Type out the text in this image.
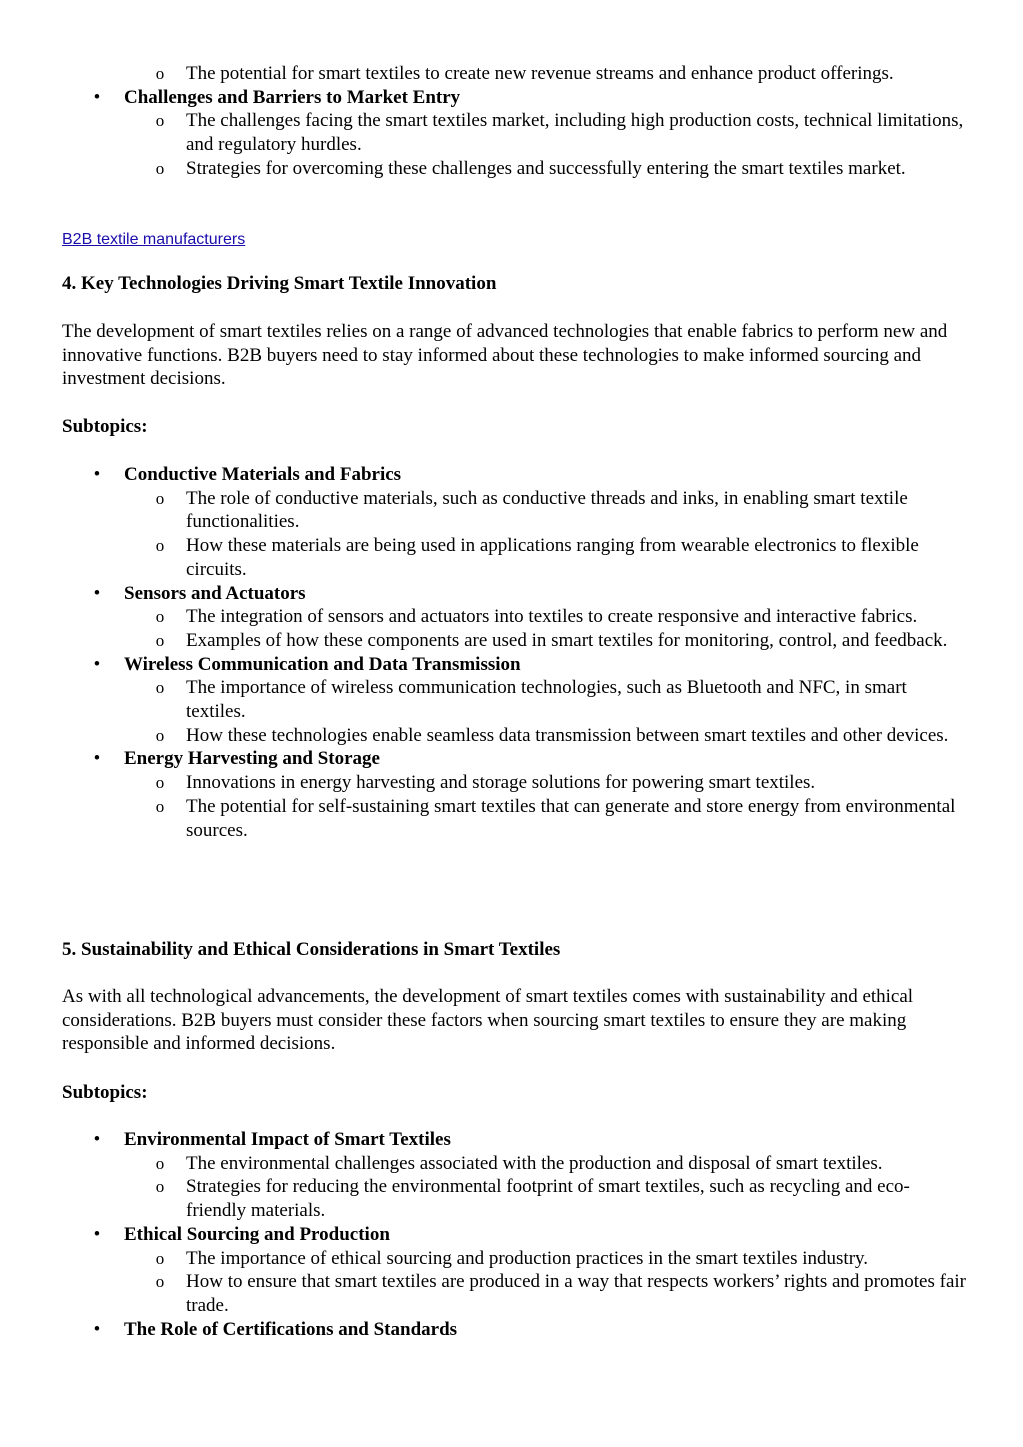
o The potential for smart textiles to create new revenue streams and enhance product offerings.
• Challenges and Barriers to Market Entry
o The challenges facing the smart textiles market, including high production costs, technical limitations, and regulatory hurdles.
o Strategies for overcoming these challenges and successfully entering the smart textiles market.
B2B textile manufacturers
4. Key Technologies Driving Smart Textile Innovation
The development of smart textiles relies on a range of advanced technologies that enable fabrics to perform new and innovative functions. B2B buyers need to stay informed about these technologies to make informed sourcing and investment decisions.
Subtopics:
• Conductive Materials and Fabrics
o The role of conductive materials, such as conductive threads and inks, in enabling smart textile functionalities.
o How these materials are being used in applications ranging from wearable electronics to flexible circuits.
• Sensors and Actuators
o The integration of sensors and actuators into textiles to create responsive and interactive fabrics.
o Examples of how these components are used in smart textiles for monitoring, control, and feedback.
• Wireless Communication and Data Transmission
o The importance of wireless communication technologies, such as Bluetooth and NFC, in smart textiles.
o How these technologies enable seamless data transmission between smart textiles and other devices.
• Energy Harvesting and Storage
o Innovations in energy harvesting and storage solutions for powering smart textiles.
o The potential for self-sustaining smart textiles that can generate and store energy from environmental sources.
5. Sustainability and Ethical Considerations in Smart Textiles
As with all technological advancements, the development of smart textiles comes with sustainability and ethical considerations. B2B buyers must consider these factors when sourcing smart textiles to ensure they are making responsible and informed decisions.
Subtopics:
• Environmental Impact of Smart Textiles
o The environmental challenges associated with the production and disposal of smart textiles.
o Strategies for reducing the environmental footprint of smart textiles, such as recycling and eco-friendly materials.
• Ethical Sourcing and Production
o The importance of ethical sourcing and production practices in the smart textiles industry.
o How to ensure that smart textiles are produced in a way that respects workers’ rights and promotes fair trade.
• The Role of Certifications and Standards
